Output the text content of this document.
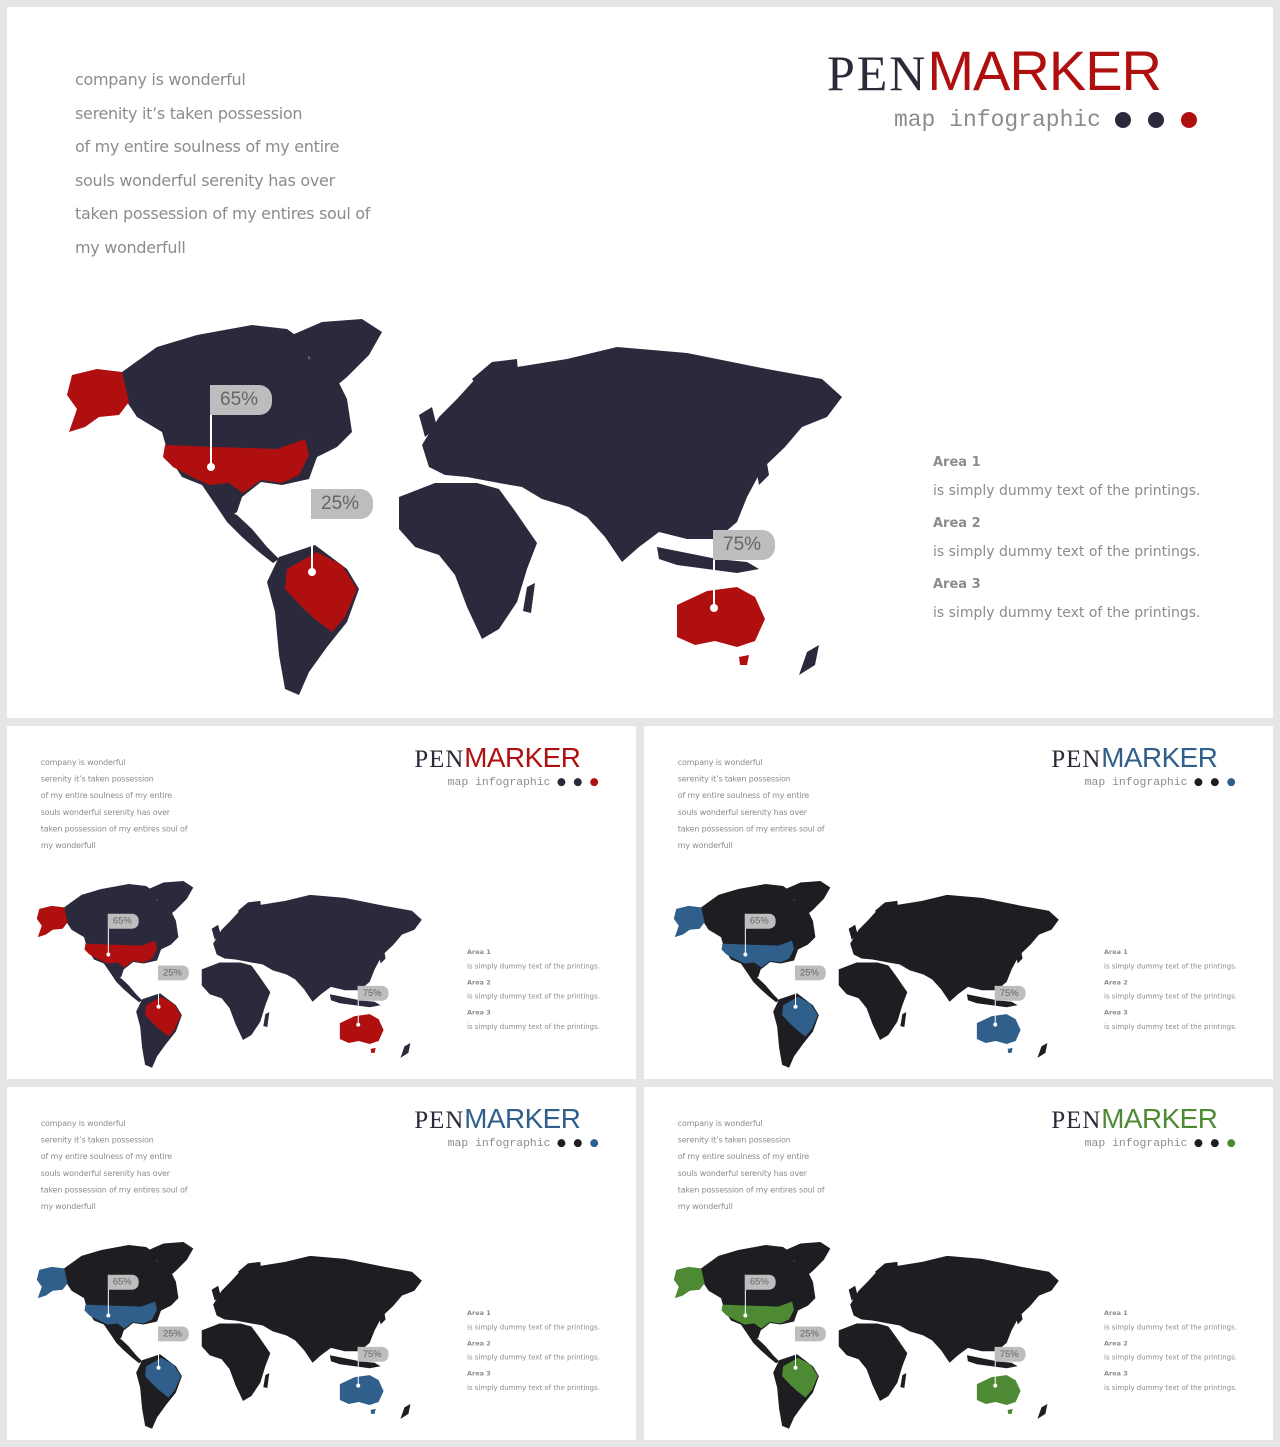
company is wonderful
serenity it’s taken possession
of my entire soulness of my entire
souls wonderful serenity has over
taken possession of my entires soul of
my wonderfull
PENMARKER
map infographic
65%
25%
75%
Area 1
is simply dummy text of the printings.
Area 2
is simply dummy text of the printings.
Area 3
is simply dummy text of the printings.
company is wonderful
serenity it’s taken possession
of my entire soulness of my entire
souls wonderful serenity has over
taken possession of my entires soul of
my wonderfull
PENMARKER
map infographic
65%
25%
75%
Area 1
is simply dummy text of the printings.
Area 2
is simply dummy text of the printings.
Area 3
is simply dummy text of the printings.
company is wonderful
serenity it’s taken possession
of my entire soulness of my entire
souls wonderful serenity has over
taken possession of my entires soul of
my wonderfull
PENMARKER
map infographic
65%
25%
75%
Area 1
is simply dummy text of the printings.
Area 2
is simply dummy text of the printings.
Area 3
is simply dummy text of the printings.
company is wonderful
serenity it’s taken possession
of my entire soulness of my entire
souls wonderful serenity has over
taken possession of my entires soul of
my wonderfull
PENMARKER
map infographic
65%
25%
75%
Area 1
is simply dummy text of the printings.
Area 2
is simply dummy text of the printings.
Area 3
is simply dummy text of the printings.
company is wonderful
serenity it’s taken possession
of my entire soulness of my entire
souls wonderful serenity has over
taken possession of my entires soul of
my wonderfull
PENMARKER
map infographic
65%
25%
75%
Area 1
is simply dummy text of the printings.
Area 2
is simply dummy text of the printings.
Area 3
is simply dummy text of the printings.
